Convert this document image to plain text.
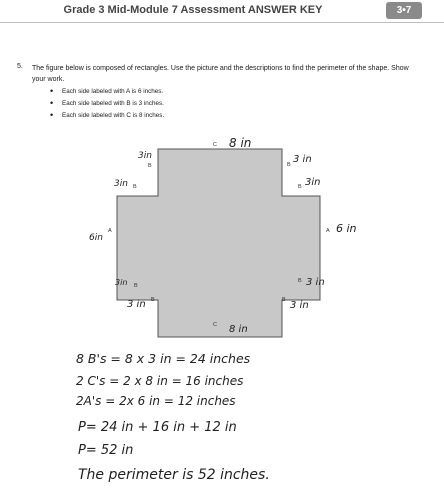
Grade 3 Mid-Module 7 Assessment ANSWER KEY	3•7
5. The figure below is composed of rectangles. Use the picture and the descriptions to find the perimeter of the shape. Show your work.
• Each side labeled with A is 6 inches.
• Each side labeled with B is 3 inches.
• Each side labeled with C is 8 inches.
C
B	B
B	B
A	A
B
B
B	B
C
8 in
3in	3 in
3in	3in
6in
6 in
3in	3 in
3 in	3 in
8 in
8 B's = 8 x 3 in = 24 inches
2 C's = 2 x 8 in = 16 inches
2A's = 2x 6 in = 12 inches
P= 24 in + 16 in + 12 in
P= 52 in
The perimeter is 52 inches.
